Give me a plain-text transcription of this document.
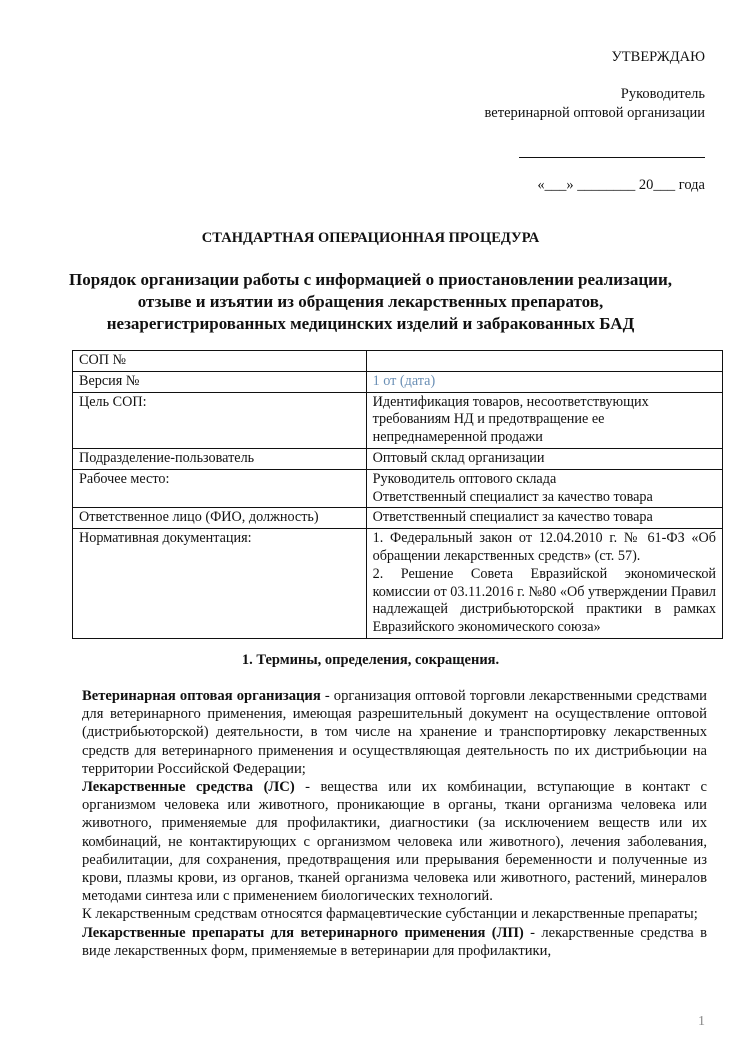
УТВЕРЖДАЮ
Руководитель
ветеринарной оптовой организации
«___» ________ 20___ года
СТАНДАРТНАЯ ОПЕРАЦИОННАЯ ПРОЦЕДУРА
Порядок организации работы с информацией о приостановлении реализации, отзыве и изъятии из обращения лекарственных препаратов, незарегистрированных медицинских изделий и забракованных БАД
СОП №	
Версия №	1 от (дата)
Цель СОП:	Идентификация товаров, несоответствующих требованиям НД и предотвращение ее непреднамеренной продажи
Подразделение-пользователь	Оптовый склад организации
Рабочее место:	Руководитель оптового склада
Ответственный специалист за качество товара

Ответственное лицо (ФИО, должность)	Ответственный специалист за качество товара
Нормативная документация:	1. Федеральный закон от 12.04.2010 г. № 61-ФЗ «Об обращении лекарственных средств» (ст. 57).
2. Решение Совета Евразийской экономической комиссии от 03.11.2016 г. №80 «Об утверждении Правил надлежащей дистрибьюторской практики в рамках Евразийского экономического союза»
1. Термины, определения, сокращения.

Ветеринарная оптовая организация - организация оптовой торговли лекарственными средствами для ветеринарного применения, имеющая разрешительный документ на осуществление оптовой (дистрибьюторской) деятельности, в том числе на хранение и транспортировку лекарственных средств для ветеринарного применения и осуществляющая деятельность по их дистрибьюции на территории Российской Федерации;

Лекарственные средства (ЛС) - вещества или их комбинации, вступающие в контакт с организмом человека или животного, проникающие в органы, ткани организма человека или животного, применяемые для профилактики, диагностики (за исключением веществ или их комбинаций, не контактирующих с организмом человека или животного), лечения заболевания, реабилитации, для сохранения, предотвращения или прерывания беременности и полученные из крови, плазмы крови, из органов, тканей организма человека или животного, растений, минералов методами синтеза или с применением биологических технологий.

К лекарственным средствам относятся фармацевтические субстанции и лекарственные препараты;

Лекарственные препараты для ветеринарного применения (ЛП) - лекарственные средства в виде лекарственных форм, применяемые в ветеринарии для профилактики,

1
